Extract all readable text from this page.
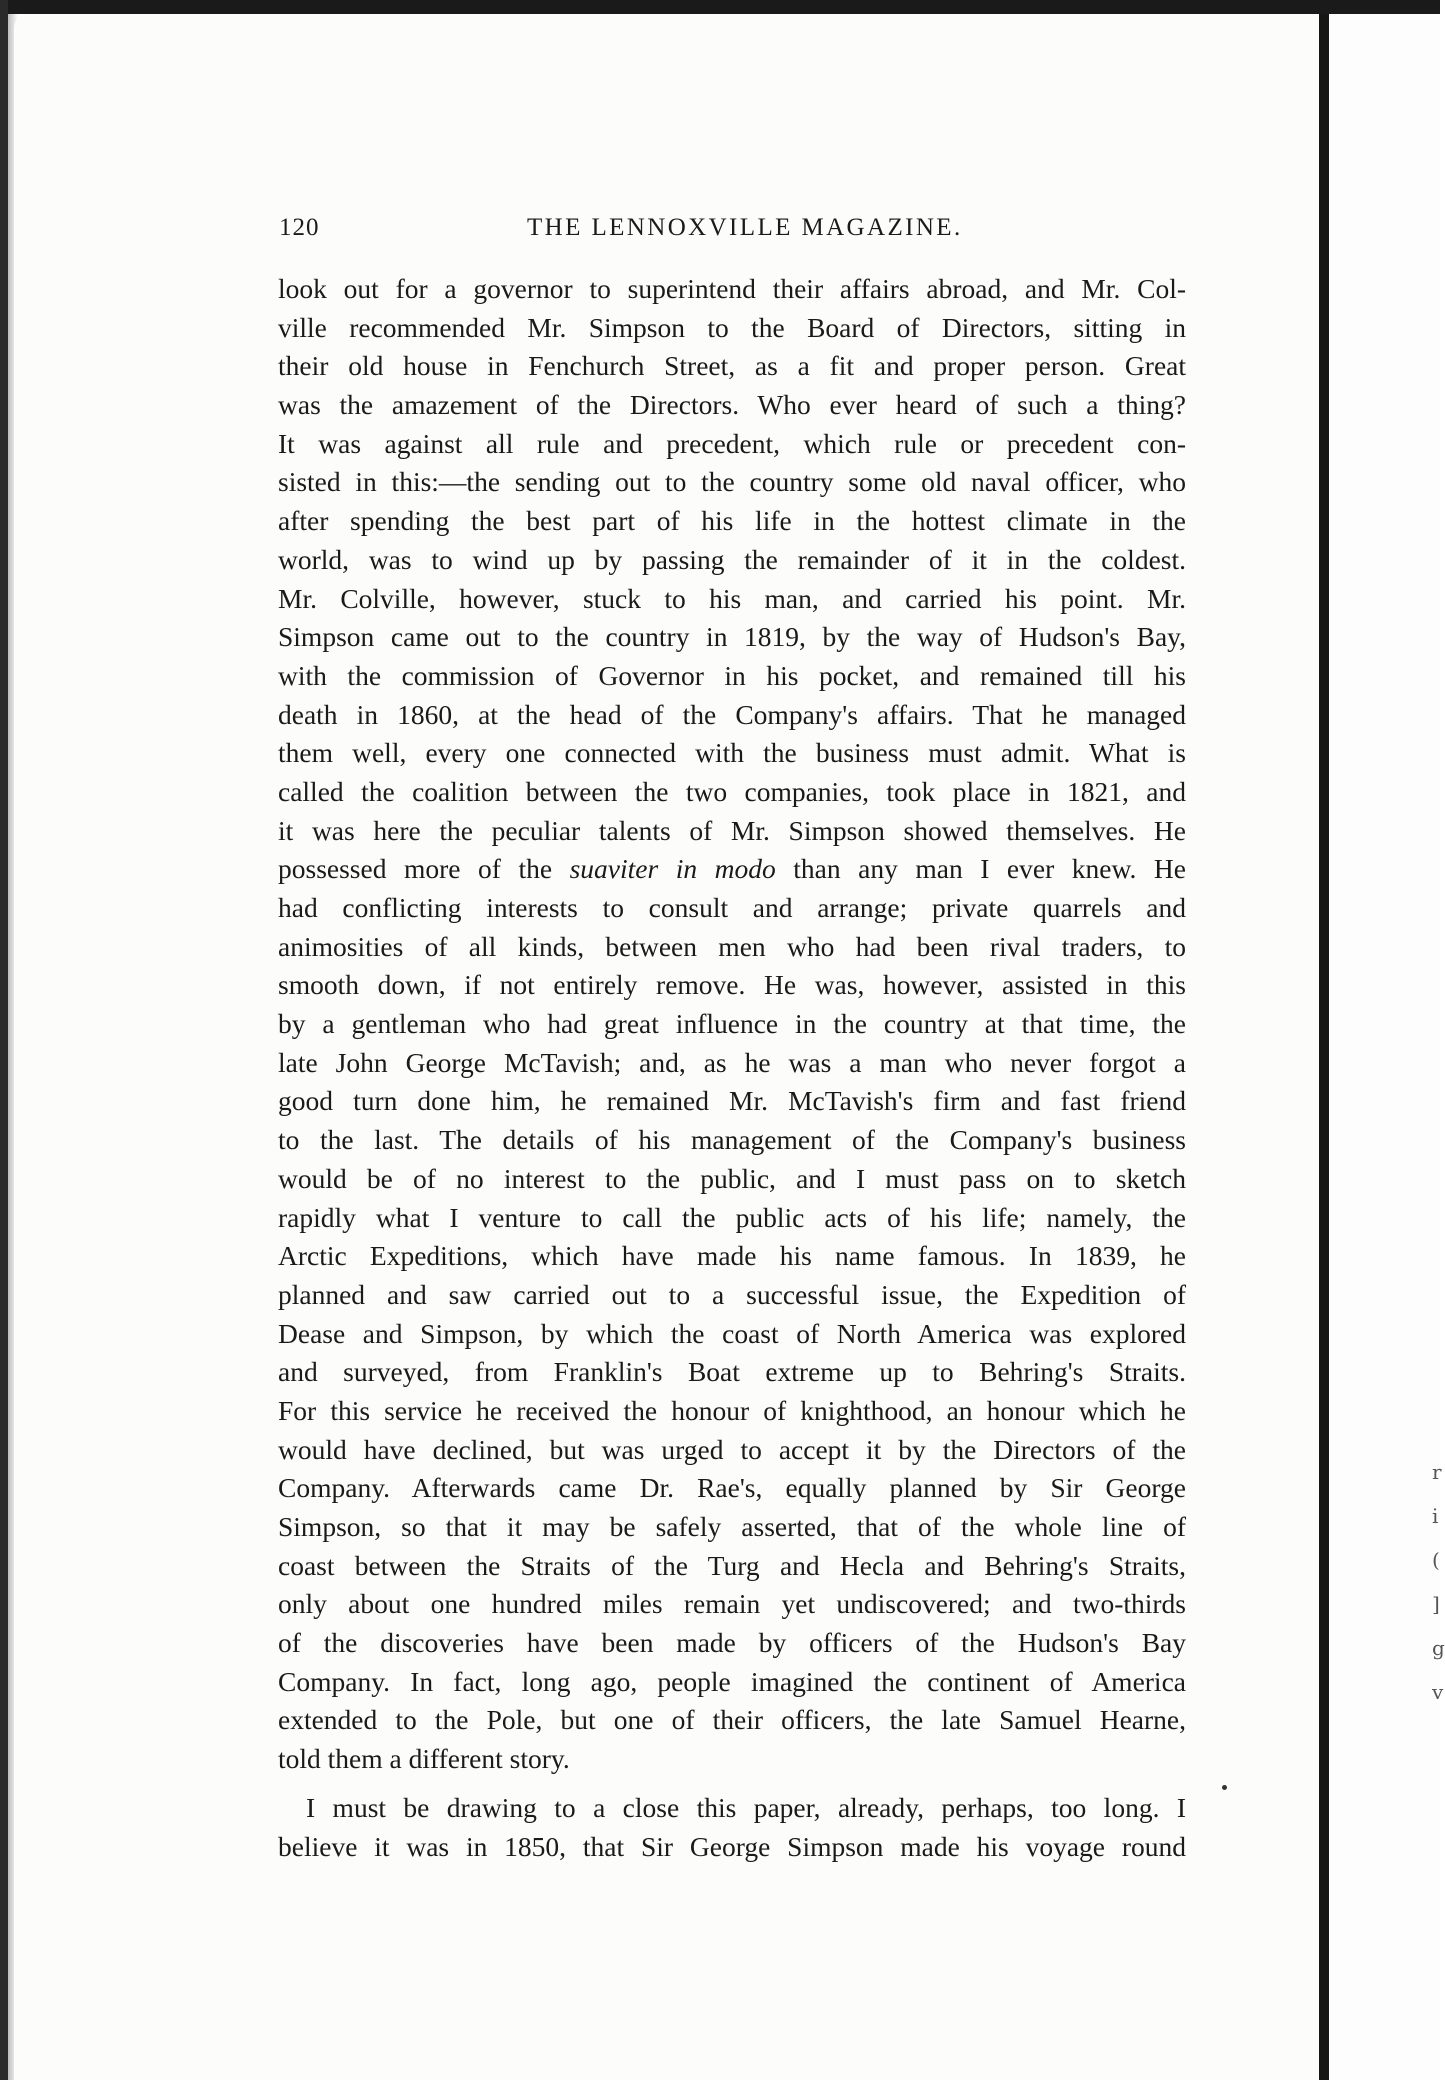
120	THE LENNOXVILLE MAGAZINE.
look out for a governor to superintend their affairs abroad, and Mr. Col-
ville recommended Mr. Simpson to the Board of Directors, sitting in
their old house in Fenchurch Street, as a fit and proper person. Great
was the amazement of the Directors. Who ever heard of such a thing?
It was against all rule and precedent, which rule or precedent con-
sisted in this:—the sending out to the country some old naval officer, who
after spending the best part of his life in the hottest climate in the
world, was to wind up by passing the remainder of it in the coldest.
Mr. Colville, however, stuck to his man, and carried his point. Mr.
Simpson came out to the country in 1819, by the way of Hudson's Bay,
with the commission of Governor in his pocket, and remained till his
death in 1860, at the head of the Company's affairs. That he managed
them well, every one connected with the business must admit. What is
called the coalition between the two companies, took place in 1821, and
it was here the peculiar talents of Mr. Simpson showed themselves. He
possessed more of the suaviter in modo than any man I ever knew. He
had conflicting interests to consult and arrange; private quarrels and
animosities of all kinds, between men who had been rival traders, to
smooth down, if not entirely remove. He was, however, assisted in this
by a gentleman who had great influence in the country at that time, the
late John George McTavish; and, as he was a man who never forgot a
good turn done him, he remained Mr. McTavish's firm and fast friend
to the last. The details of his management of the Company's business
would be of no interest to the public, and I must pass on to sketch
rapidly what I venture to call the public acts of his life; namely, the
Arctic Expeditions, which have made his name famous. In 1839, he
planned and saw carried out to a successful issue, the Expedition of
Dease and Simpson, by which the coast of North America was explored
and surveyed, from Franklin's Boat extreme up to Behring's Straits.
For this service he received the honour of knighthood, an honour which he
would have declined, but was urged to accept it by the Directors of the
Company. Afterwards came Dr. Rae's, equally planned by Sir George
Simpson, so that it may be safely asserted, that of the whole line of
coast between the Straits of the Turg and Hecla and Behring's Straits,
only about one hundred miles remain yet undiscovered; and two-thirds
of the discoveries have been made by officers of the Hudson's Bay
Company. In fact, long ago, people imagined the continent of America
extended to the Pole, but one of their officers, the late Samuel Hearne,
told them a different story.
I must be drawing to a close this paper, already, perhaps, too long. I
believe it was in 1850, that Sir George Simpson made his voyage round
r
i
(
]
g
v
